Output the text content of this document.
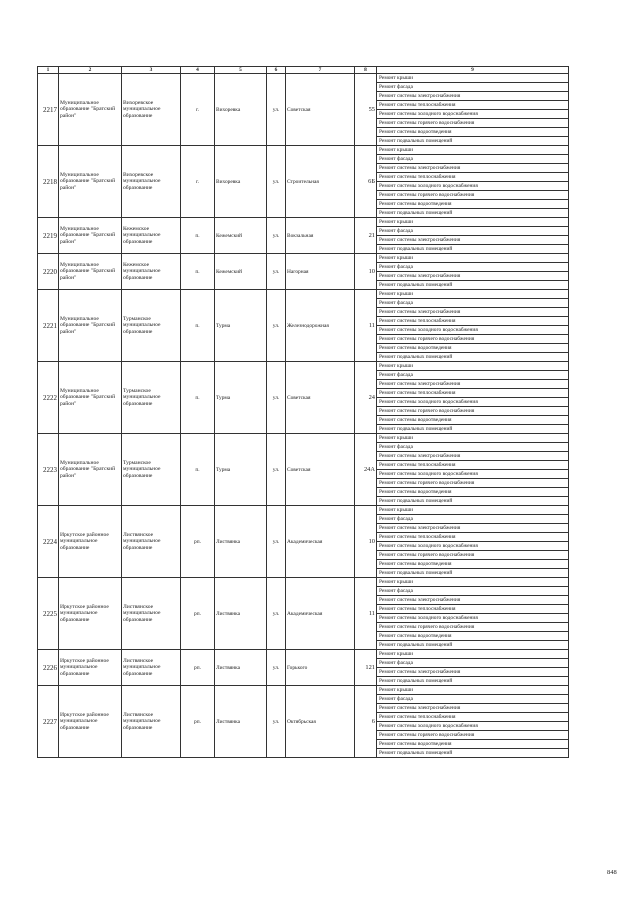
1	2	3	4	5	6	7	8	9
2217	Муниципальное образование "Братский район"	Вихоревское муниципальное образование	г.	Вихоревка	ул.	Советская	55	Ремонт крыши
								Ремонт фасада
								Ремонт системы электроснабжения
								Ремонт системы теплоснабжения
								Ремонт системы холодного водоснабжения
								Ремонт системы горячего водоснабжения
								Ремонт системы водоотведения
								Ремонт подвальных помещений
2218	Муниципальное образование "Братский район"	Вихоревское муниципальное образование	г.	Вихоревка	ул.	Строительная	6Б	Ремонт крыши
								Ремонт фасада
								Ремонт системы электроснабжения
								Ремонт системы теплоснабжения
								Ремонт системы холодного водоснабжения
								Ремонт системы горячего водоснабжения
								Ремонт системы водоотведения
								Ремонт подвальных помещений
2219	Муниципальное образование "Братский район"	Кежемское муниципальное образование	п.	Кежемский	ул.	Вокзальная	21	Ремонт крыши
								Ремонт фасада
								Ремонт системы электроснабжения
								Ремонт подвальных помещений
2220	Муниципальное образование "Братский район"	Кежемское муниципальное образование	п.	Кежемский	ул.	Нагорная	10	Ремонт крыши
								Ремонт фасада
								Ремонт системы электроснабжения
								Ремонт подвальных помещений
2221	Муниципальное образование "Братский район"	Турманское муниципальное образование	п.	Турма	ул.	Железнодорожная	11	Ремонт крыши
								Ремонт фасада
								Ремонт системы электроснабжения
								Ремонт системы теплоснабжения
								Ремонт системы холодного водоснабжения
								Ремонт системы горячего водоснабжения
								Ремонт системы водоотведения
								Ремонт подвальных помещений
2222	Муниципальное образование "Братский район"	Турманское муниципальное образование	п.	Турма	ул.	Советская	24	Ремонт крыши
								Ремонт фасада
								Ремонт системы электроснабжения
								Ремонт системы теплоснабжения
								Ремонт системы холодного водоснабжения
								Ремонт системы горячего водоснабжения
								Ремонт системы водоотведения
								Ремонт подвальных помещений
2223	Муниципальное образование "Братский район"	Турманское муниципальное образование	п.	Турма	ул.	Советская	24А	Ремонт крыши
								Ремонт фасада
								Ремонт системы электроснабжения
								Ремонт системы теплоснабжения
								Ремонт системы холодного водоснабжения
								Ремонт системы горячего водоснабжения
								Ремонт системы водоотведения
								Ремонт подвальных помещений
2224	Иркутское районное муниципальное образование	Листвянское муниципальное образование	рп.	Листвянка	ул.	Академическая	10	Ремонт крыши
								Ремонт фасада
								Ремонт системы электроснабжения
								Ремонт системы теплоснабжения
								Ремонт системы холодного водоснабжения
								Ремонт системы горячего водоснабжения
								Ремонт системы водоотведения
								Ремонт подвальных помещений
2225	Иркутское районное муниципальное образование	Листвянское муниципальное образование	рп.	Листвянка	ул.	Академическая	11	Ремонт крыши
								Ремонт фасада
								Ремонт системы электроснабжения
								Ремонт системы теплоснабжения
								Ремонт системы холодного водоснабжения
								Ремонт системы горячего водоснабжения
								Ремонт системы водоотведения
								Ремонт подвальных помещений
2226	Иркутское районное муниципальное образование	Листвянское муниципальное образование	рп.	Листвянка	ул.	Горького	121	Ремонт крыши
								Ремонт фасада
								Ремонт системы электроснабжения
								Ремонт подвальных помещений
2227	Иркутское районное муниципальное образование	Листвянское муниципальное образование	рп.	Листвянка	ул.	Октябрьская	6	Ремонт крыши
								Ремонт фасада
								Ремонт системы электроснабжения
								Ремонт системы теплоснабжения
								Ремонт системы холодного водоснабжения
								Ремонт системы горячего водоснабжения
								Ремонт системы водоотведения
								Ремонт подвальных помещений
848
